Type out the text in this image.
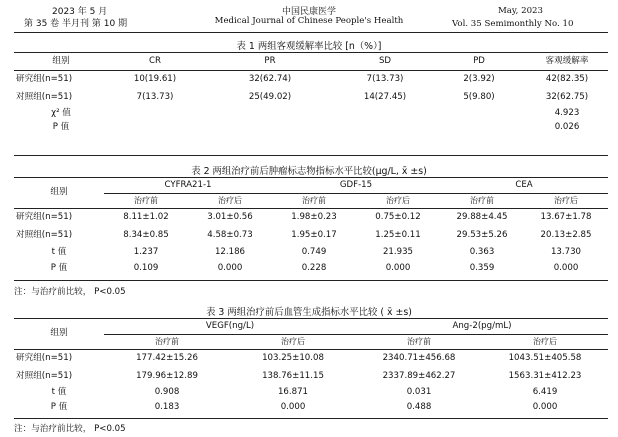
2023 年 5 月
第 35 卷 半月刊 第 10 期
中国民康医学
Medical Journal of Chinese People's Health
May, 2023
Vol. 35 Semimonthly No. 10
表 1 两组客观缓解率比较 [n（%）]
组别	CR	PR	SD	PD	客观缓解率
研究组(n=51)	10(19.61)	32(62.74)	7(13.73)	2(3.92)	42(82.35)
对照组(n=51)	7(13.73)	25(49.02)	14(27.45)	5(9.80)	32(62.75)
χ² 值					4.923
P 值					0.026
表 2 两组治疗前后肿瘤标志物指标水平比较(μg/L, x̄ ±s)
组别	CYFRA21-1		GDF-15		CEA	
	治疗前	治疗后	治疗前	治疗后	治疗前	治疗后
研究组(n=51)	8.11±1.02	3.01±0.56	1.98±0.23	0.75±0.12	29.88±4.45	13.67±1.78
对照组(n=51)	8.34±0.85	4.58±0.73	1.95±0.17	1.25±0.11	29.53±5.26	20.13±2.85
t 值	1.237	12.186	0.749	21.935	0.363	13.730
P 值	0.109	0.000	0.228	0.000	0.359	0.000
注：与治疗前比较， P<0.05
表 3 两组治疗前后血管生成指标水平比较 ( x̄ ±s)
组别	VEGF(ng/L)		Ang-2(pg/mL)	
	治疗前	治疗后	治疗前	治疗后
研究组(n=51)	177.42±15.26	103.25±10.08	2340.71±456.68	1043.51±405.58
对照组(n=51)	179.96±12.89	138.76±11.15	2337.89±462.27	1563.31±412.23
t 值	0.908	16.871	0.031	6.419
P 值	0.183	0.000	0.488	0.000
注：与治疗前比较， P<0.05
